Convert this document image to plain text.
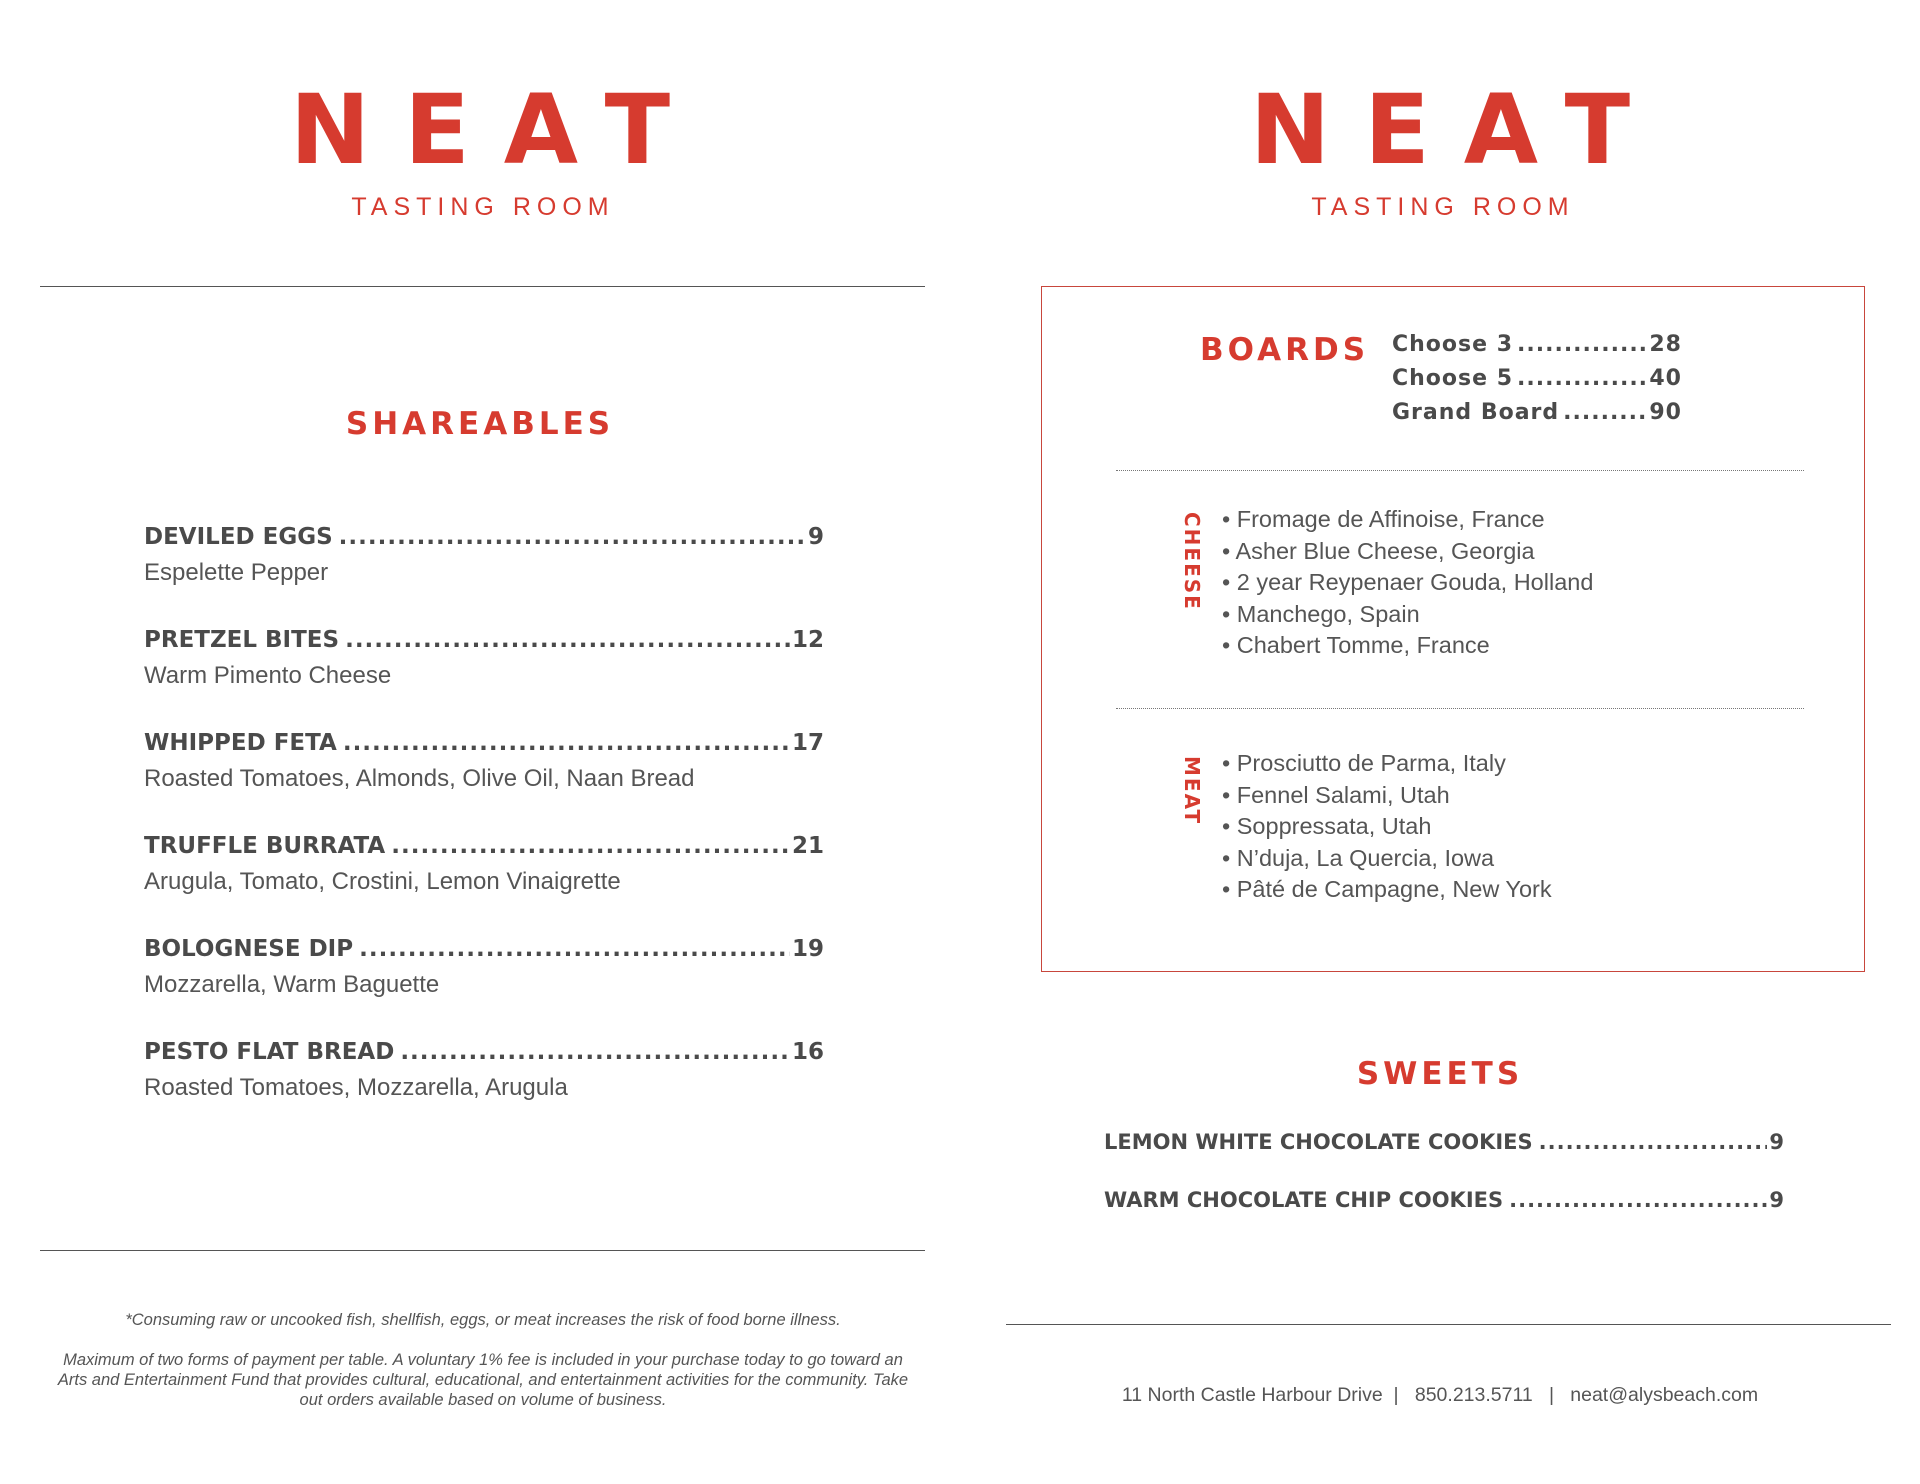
NEAT
TASTING ROOM
SHAREABLES
DEVILED EGGS .....	9
Espelette Pepper
PRETZEL BITES .....	12
Warm Pimento Cheese
WHIPPED FETA .....	17
Roasted Tomatoes, Almonds, Olive Oil, Naan Bread
TRUFFLE BURRATA .....	21
Arugula, Tomato, Crostini, Lemon Vinaigrette
BOLOGNESE DIP .....	19
Mozzarella, Warm Baguette
PESTO FLAT BREAD .....	16
Roasted Tomatoes, Mozzarella, Arugula
*Consuming raw or uncooked fish, shellfish, eggs, or meat increases the risk of food borne illness.
Maximum of two forms of payment per table. A voluntary 1% fee is included in your purchase today to go toward an Arts and Entertainment Fund that provides cultural, educational, and entertainment activities for the community. Take out orders available based on volume of business.
NEAT
TASTING ROOM
BOARDS Choose 3 .....	28
Choose 5 .....	40
Grand Board .....	90
CHEESE • Fromage de Affinoise, France
• Asher Blue Cheese, Georgia
• 2 year Reypenaer Gouda, Holland
• Manchego, Spain
• Chabert Tomme, France
MEAT • Prosciutto de Parma, Italy
• Fennel Salami, Utah
• Soppressata, Utah
• N’duja, La Quercia, Iowa
• Pâté de Campagne, New York
SWEETS
LEMON WHITE CHOCOLATE COOKIES .....	9
WARM CHOCOLATE CHIP COOKIES .....	9
11 North Castle Harbour Drive  |   850.213.5711   |   neat@alysbeach.com
